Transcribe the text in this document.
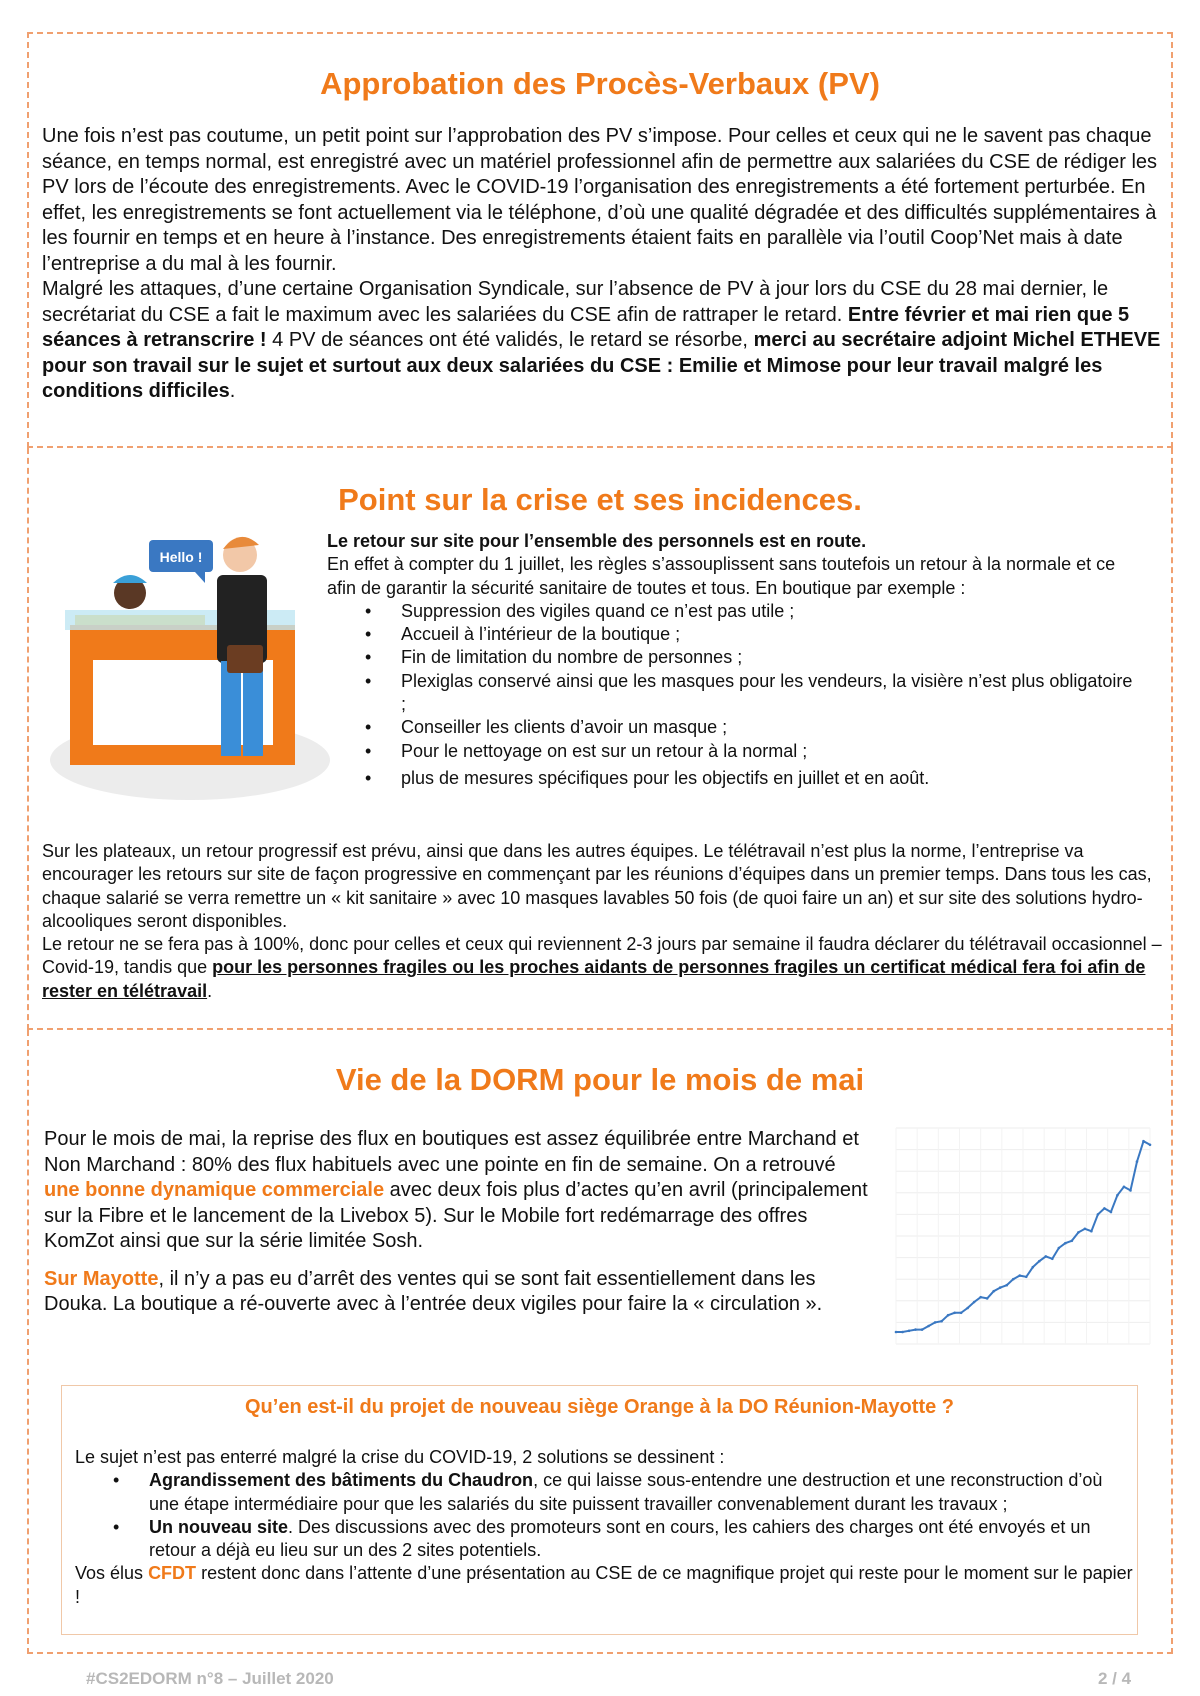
Approbation des Procès-Verbaux (PV)

Une fois n’est pas coutume, un petit point sur l’approbation des PV s’impose. Pour celles et ceux qui ne le savent pas chaque séance, en temps normal, est enregistré avec un matériel professionnel afin de permettre aux salariées du CSE de rédiger les PV lors de l’écoute des enregistrements. Avec le COVID-19 l’organisation des enregistrements a été fortement perturbée. En effet, les enregistrements se font actuellement via le téléphone, d’où une qualité dégradée et des difficultés supplémentaires à les fournir en temps et en heure à l’instance. Des enregistrements étaient faits en parallèle via l’outil Coop’Net mais à date l’entreprise a du mal à les fournir.

Malgré les attaques, d’une certaine Organisation Syndicale, sur l’absence de PV à jour lors du CSE du 28 mai dernier, le secrétariat du CSE a fait le maximum avec les salariées du CSE afin de rattraper le retard. Entre février et mai rien que 5 séances à retranscrire ! 4 PV de séances ont été validés, le retard se résorbe, merci au secrétaire adjoint Michel ETHEVE pour son travail sur le sujet et surtout aux deux salariées du CSE : Emilie et Mimose pour leur travail malgré les conditions difficiles.

Point sur la crise et ses incidences.
Hello !

Le retour sur site pour l’ensemble des personnels est en route.

En effet à compter du 1 juillet, les règles s’assouplissent sans toutefois un retour à la normale et ce afin de garantir la sécurité sanitaire de toutes et tous. En boutique par exemple :

• Suppression des vigiles quand ce n’est pas utile ;
• Accueil à l’intérieur de la boutique ;
• Fin de limitation du nombre de personnes ;
• Plexiglas conservé ainsi que les masques pour les vendeurs, la visière n’est plus obligatoire ;
• Conseiller les clients d’avoir un masque ;
• Pour le nettoyage on est sur un retour à la normal ;
• plus de mesures spécifiques pour les objectifs en juillet et en août.

Sur les plateaux, un retour progressif est prévu, ainsi que dans les autres équipes. Le télétravail n’est plus la norme, l’entreprise va encourager les retours sur site de façon progressive en commençant par les réunions d’équipes dans un premier temps. Dans tous les cas, chaque salarié se verra remettre un « kit sanitaire » avec 10 masques lavables 50 fois (de quoi faire un an) et sur site des solutions hydro-alcooliques seront disponibles.

Le retour ne se fera pas à 100%, donc pour celles et ceux qui reviennent 2-3 jours par semaine il faudra déclarer du télétravail occasionnel – Covid-19, tandis que pour les personnes fragiles ou les proches aidants de personnes fragiles un certificat médical fera foi afin de rester en télétravail.

Vie de la DORM pour le mois de mai

Pour le mois de mai, la reprise des flux en boutiques est assez équilibrée entre Marchand et Non Marchand : 80% des flux habituels avec une pointe en fin de semaine. On a retrouvé une bonne dynamique commerciale avec deux fois plus d’actes qu’en avril (principalement sur la Fibre et le lancement de la Livebox 5). Sur le Mobile fort redémarrage des offres KomZot ainsi que sur la série limitée Sosh.

Sur Mayotte, il n’y a pas eu d’arrêt des ventes qui se sont fait essentiellement dans les Douka. La boutique a ré-ouverte avec à l’entrée deux vigiles pour faire la « circulation ».

Qu’en est-il du projet de nouveau siège Orange à la DO Réunion-Mayotte ?

Le sujet n’est pas enterré malgré la crise du COVID-19, 2 solutions se dessinent :

• Agrandissement des bâtiments du Chaudron, ce qui laisse sous-entendre une destruction et une reconstruction d’où une étape intermédiaire pour que les salariés du site puissent travailler convenablement durant les travaux ;
• Un nouveau site. Des discussions avec des promoteurs sont en cours, les cahiers des charges ont été envoyés et un retour a déjà eu lieu sur un des 2 sites potentiels.

Vos élus CFDT restent donc dans l’attente d’une présentation au CSE de ce magnifique projet qui reste pour le moment sur le papier !

#CS2EDORM n°8 – Juillet 2020	2 / 4
